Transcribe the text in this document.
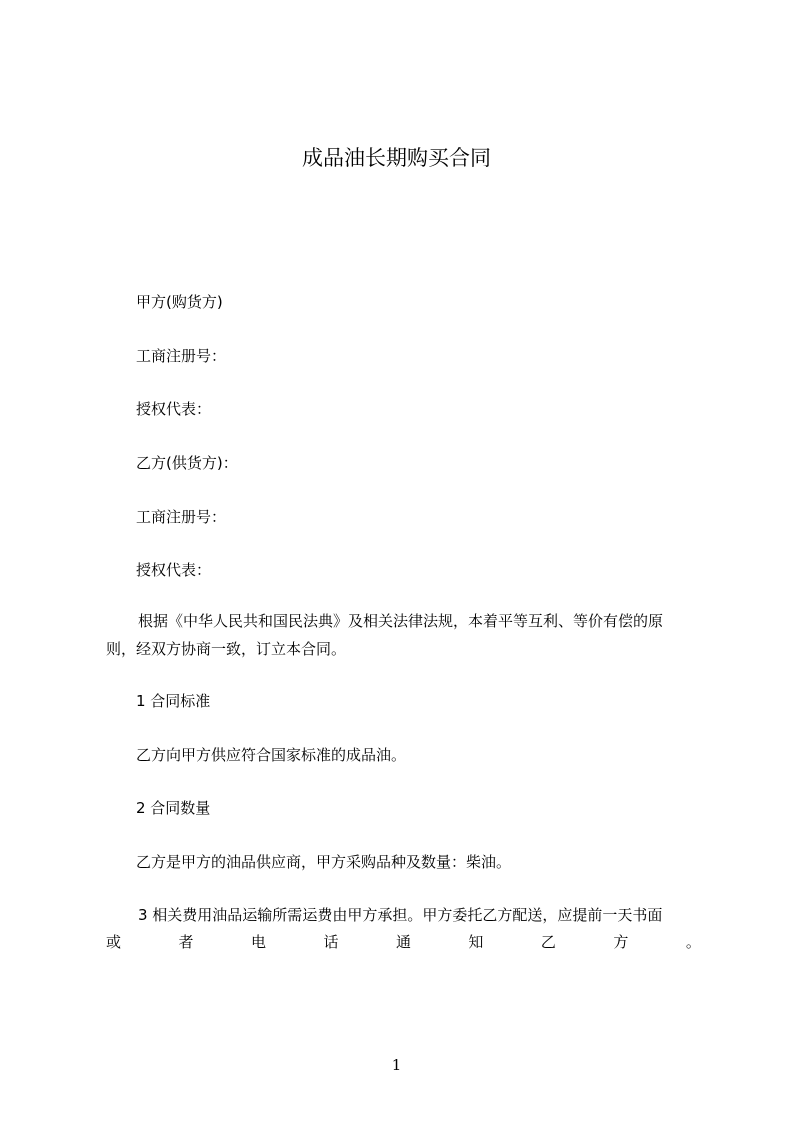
成品油长期购买合同
甲方(购货方)
工商注册号：
授权代表：
乙方(供货方)：
工商注册号：
授权代表：
根据《中华人民共和国民法典》及相关法律法规，本着平等互利、等价有偿的原
则，经双方协商一致，订立本合同。
1 合同标准
乙方向甲方供应符合国家标准的成品油。
2 合同数量
乙方是甲方的油品供应商，甲方采购品种及数量：柴油。
3 相关费用油品运输所需运费由甲方承担。甲方委托乙方配送，应提前一天书面
或	者	电	话	通	知	乙	方	。
1
